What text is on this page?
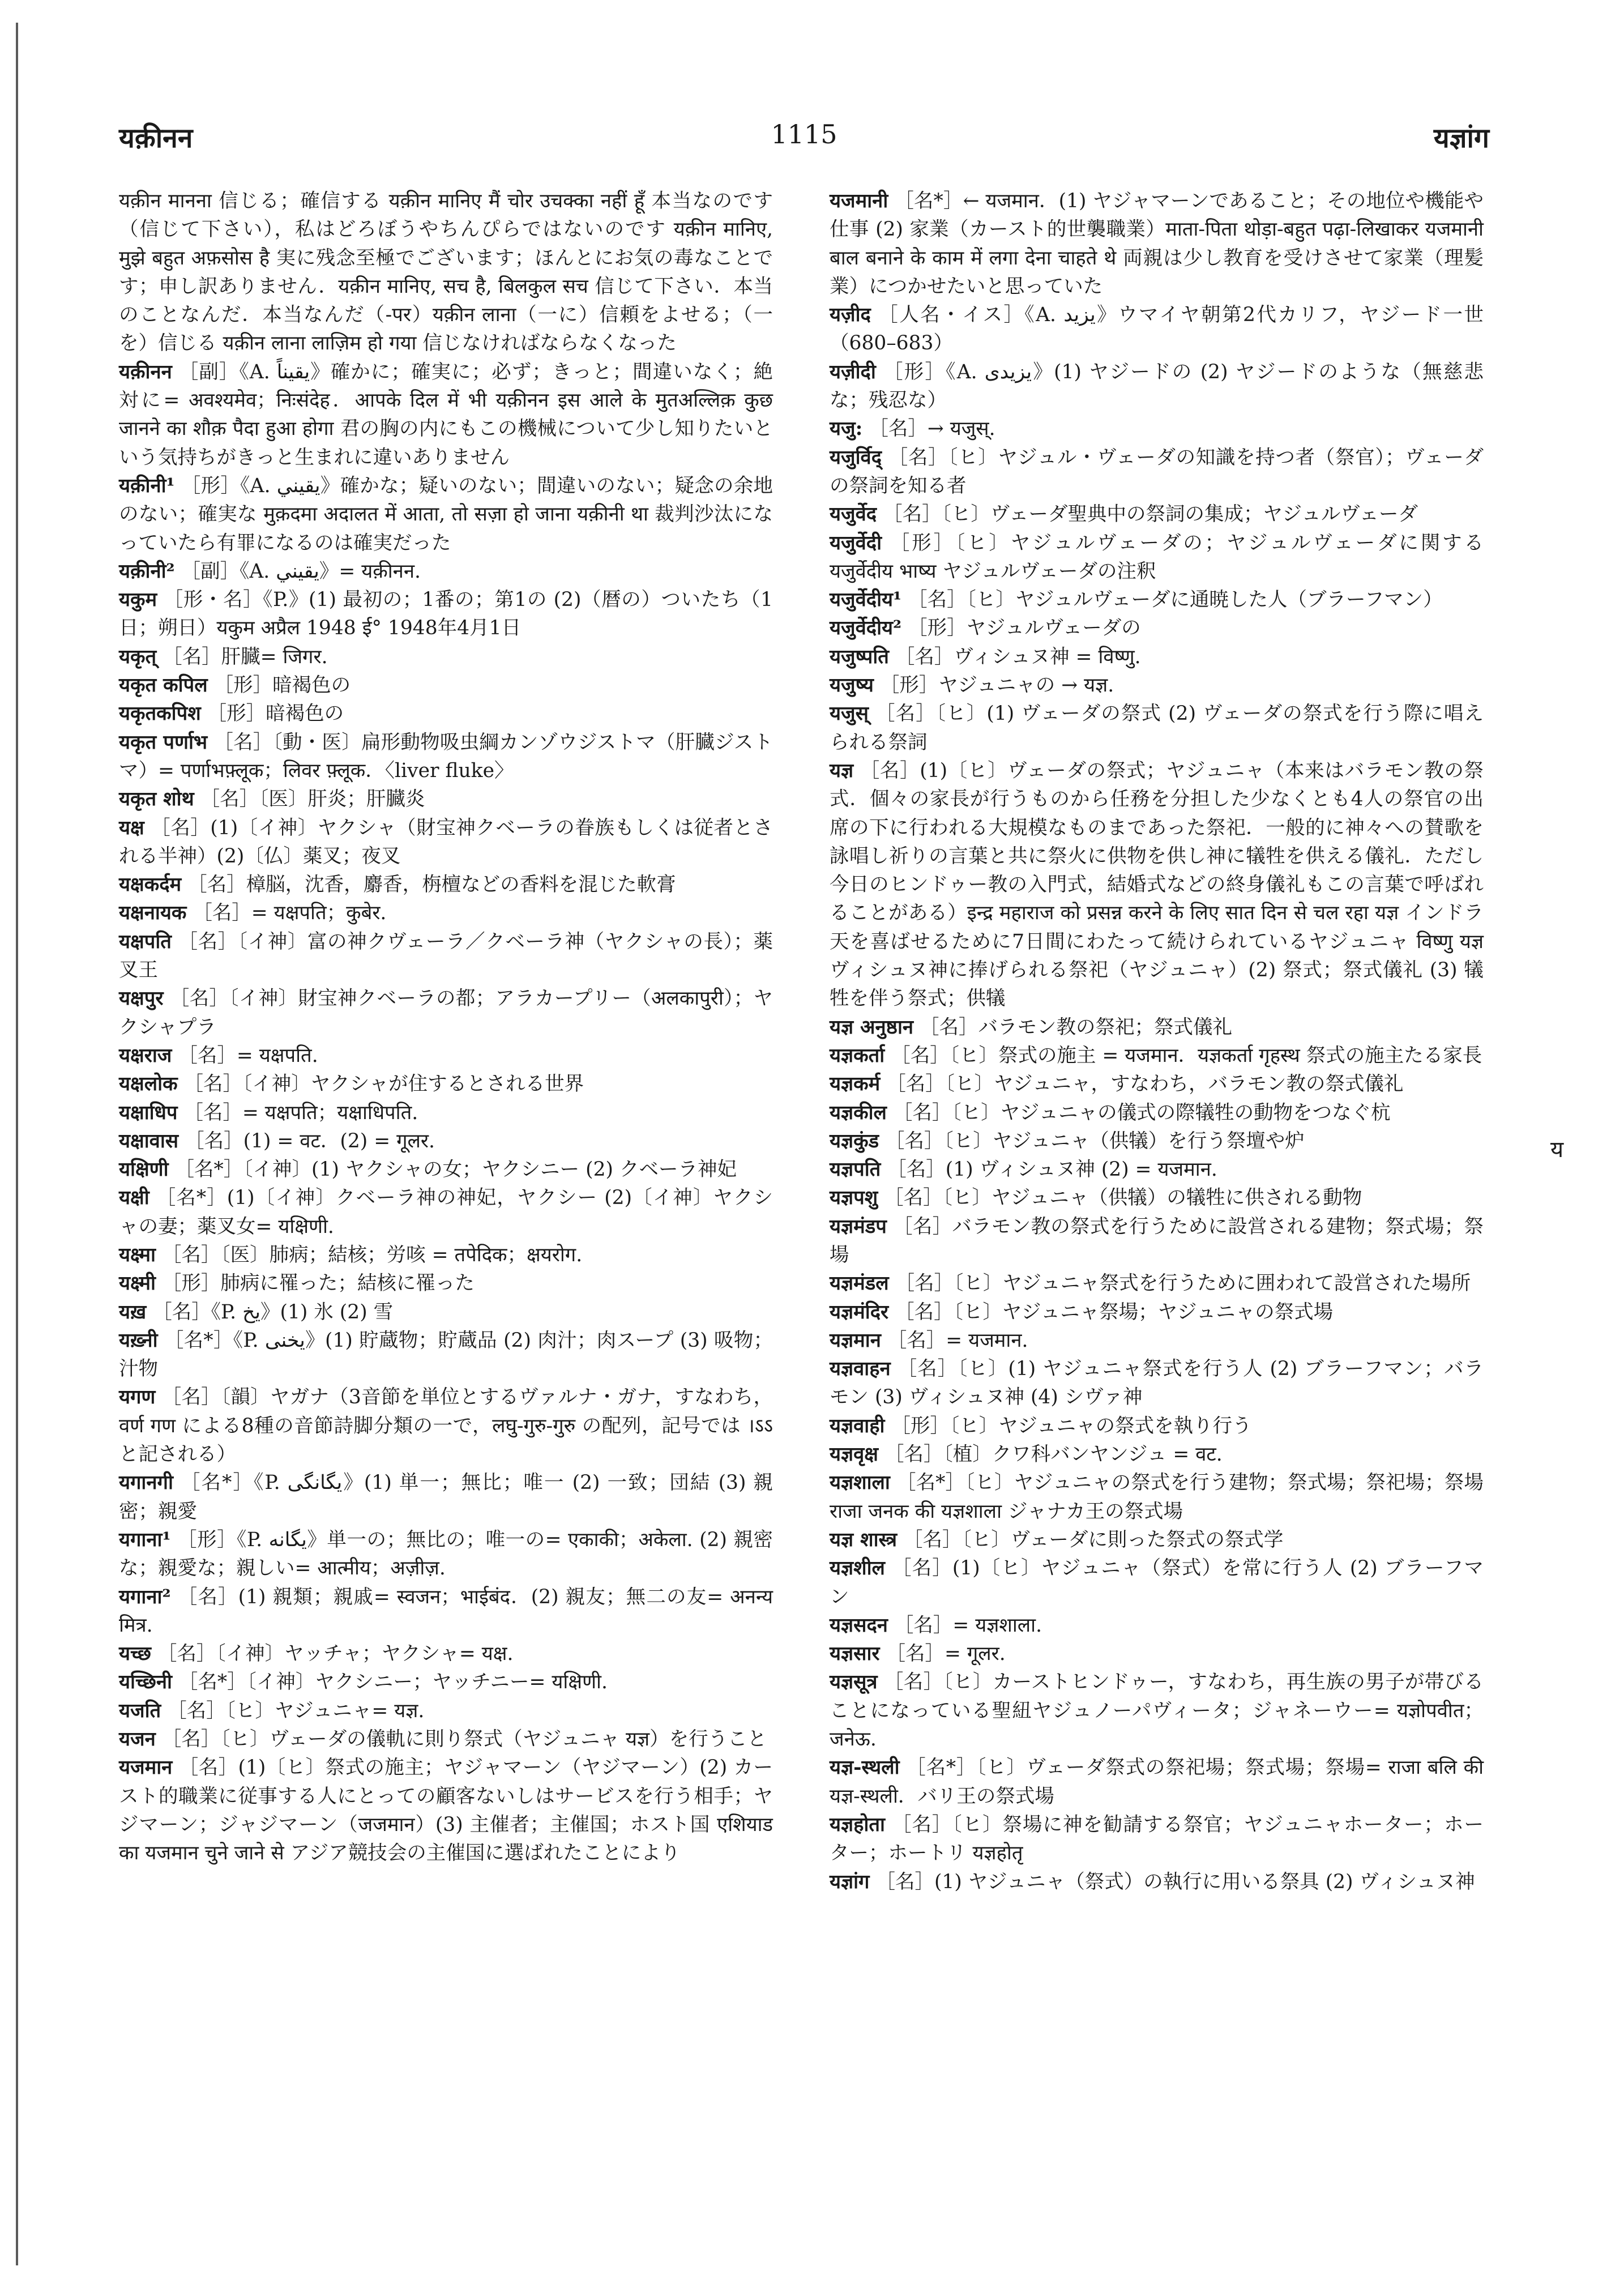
यक़ीनन	1115	यज्ञांग

यक़ीन मानना 信じる；確信する यक़ीन मानिए मैं चोर उचक्का नहीं हूँ 本当なのです（信じて下さい），私はどろぼうやちんぴらではないのです यक़ीन मानिए, मुझे बहुत अफ़सोस है 実に残念至極でございます；ほんとにお気の毒なことです；申し訳ありません．यक़ीन मानिए, सच है, बिलकुल सच 信じて下さい．本当のことなんだ．本当なんだ（-पर）यक़ीन लाना（一に）信頼をよせる；（一を）信じる यक़ीन लाना लाज़िम हो गया 信じなければならなくなった

यक़ीनन ［副］《A. يقيناً》確かに；確実に；必ず；きっと；間違いなく；絶対に= अवश्यमेव；निःसंदेह．आपके दिल में भी यक़ीनन इस आले के मुतअल्लिक़ कुछ जानने का शौक़ पैदा हुआ होगा 君の胸の内にもこの機械について少し知りたいという気持ちがきっと生まれに違いありません

यक़ीनी¹ ［形］《A. يقيني》確かな；疑いのない；間違いのない；疑念の余地のない；確実な मुक़दमा अदालत में आता, तो सज़ा हो जाना यक़ीनी था 裁判沙汰になっていたら有罪になるのは確実だった

यक़ीनी² ［副］《A. يقيني》= यक़ीनन.

यकुम ［形・名］《P.》(1) 最初の；1番の；第1の (2)（暦の）ついたち（1日；朔日）यकुम अप्रैल 1948 ई° 1948年4月1日

यकृत् ［名］肝臓= जिगर.

यकृत कपिल ［形］暗褐色の

यकृतकपिश ［形］暗褐色の

यकृत पर्णाभ ［名］〔動・医〕扁形動物吸虫綱カンゾウジストマ（肝臓ジストマ）= पर्णाभफ़्लूक；लिवर फ़्लूक．〈liver fluke〉

यकृत शोथ ［名］〔医〕肝炎；肝臓炎

यक्ष ［名］(1)〔イ神〕ヤクシャ（財宝神クベーラの眷族もしくは従者とされる半神）(2)〔仏〕薬叉；夜叉

यक्षकर्दम ［名］樟脳，沈香，麝香，栴檀などの香料を混じた軟膏

यक्षनायक ［名］= यक्षपति；कुबेर.

यक्षपति ［名］〔イ神〕富の神クヴェーラ／クベーラ神（ヤクシャの長）；薬叉王

यक्षपुर ［名］〔イ神〕財宝神クベーラの都；アラカープリー（अलकापुरी）；ヤクシャプラ

यक्षराज ［名］= यक्षपति.

यक्षलोक ［名］〔イ神〕ヤクシャが住するとされる世界

यक्षाधिप ［名］= यक्षपति；यक्षाधिपति.

यक्षावास ［名］(1) = वट．(2) = गूलर.

यक्षिणी ［名*］〔イ神〕(1) ヤクシャの女；ヤクシニー (2) クベーラ神妃

यक्षी ［名*］(1)〔イ神〕クベーラ神の神妃，ヤクシー (2)〔イ神〕ヤクシャの妻；薬叉女= यक्षिणी.

यक्ष्मा ［名］〔医〕肺病；結核；労咳 = तपेदिक；क्षयरोग.

यक्ष्मी ［形］肺病に罹った；結核に罹った

यख़ ［名］《P. يخ》(1) 氷 (2) 雪

यख़्नी ［名*］《P. يخنى》(1) 貯蔵物；貯蔵品 (2) 肉汁；肉スープ (3) 吸物；汁物

यगण ［名］〔韻〕ヤガナ（3音節を単位とするヴァルナ・ガナ，すなわち，वर्ण गण による8種の音節詩脚分類の一で，लघु-गुरु-गुरु の配列，記号では ।ऽऽ と記される）

यगानगी ［名*］《P. يگانگى》(1) 単一；無比；唯一 (2) 一致；団結 (3) 親密；親愛

यगाना¹ ［形］《P. يگانه》単一の；無比の；唯一の= एकाकी；अकेला. (2) 親密な；親愛な；親しい= आत्मीय；अज़ीज़.

यगाना² ［名］(1) 親類；親戚= स्वजन；भाईबंद．(2) 親友；無二の友= अनन्य मित्र.

यच्छ ［名］〔イ神〕ヤッチャ；ヤクシャ= यक्ष.

यच्छिनी ［名*］〔イ神〕ヤクシニー；ヤッチニー= यक्षिणी.

यजति ［名］〔ヒ〕ヤジュニャ= यज्ञ.

यजन ［名］〔ヒ〕ヴェーダの儀軌に則り祭式（ヤジュニャ यज्ञ）を行うこと

यजमान ［名］(1)〔ヒ〕祭式の施主；ヤジャマーン（ヤジマーン）(2) カースト的職業に従事する人にとっての顧客ないしはサービスを行う相手；ヤジマーン；ジャジマーン（जजमान）(3) 主催者；主催国；ホスト国 एशियाड का यजमान चुने जाने से アジア競技会の主催国に選ばれたことにより

यजमानी ［名*］← यजमान．(1) ヤジャマーンであること；その地位や機能や仕事 (2) 家業（カースト的世襲職業）माता-पिता थोड़ा-बहुत पढ़ा-लिखाकर यजमानी बाल बनाने के काम में लगा देना चाहते थे 両親は少し教育を受けさせて家業（理髪業）につかせたいと思っていた

यज़ीद ［人名・イス］《A. يزيد》ウマイヤ朝第2代カリフ，ヤジード一世（680–683）

यज़ीदी ［形］《A. يزيدى》(1) ヤジードの (2) ヤジードのような（無慈悲な；残忍な）

यजु: ［名］→ यजुस्.

यजुर्विद् ［名］〔ヒ〕ヤジュル・ヴェーダの知識を持つ者（祭官）；ヴェーダの祭詞を知る者

यजुर्वेद ［名］〔ヒ〕ヴェーダ聖典中の祭詞の集成；ヤジュルヴェーダ

यजुर्वेदी ［形］〔ヒ〕ヤジュルヴェーダの；ヤジュルヴェーダに関する यजुर्वेदीय भाष्य ヤジュルヴェーダの注釈

यजुर्वेदीय¹ ［名］〔ヒ〕ヤジュルヴェーダに通暁した人（ブラーフマン）

यजुर्वेदीय² ［形］ヤジュルヴェーダの

यजुष्पति ［名］ヴィシュヌ神 = विष्णु.

यजुष्य ［形］ヤジュニャの → यज्ञ.

यजुस् ［名］〔ヒ〕(1) ヴェーダの祭式 (2) ヴェーダの祭式を行う際に唱えられる祭詞

यज्ञ ［名］(1)〔ヒ〕ヴェーダの祭式；ヤジュニャ（本来はバラモン教の祭式．個々の家長が行うものから任務を分担した少なくとも4人の祭官の出席の下に行われる大規模なものまであった祭祀．一般的に神々への賛歌を詠唱し祈りの言葉と共に祭火に供物を供し神に犠牲を供える儀礼．ただし今日のヒンドゥー教の入門式，結婚式などの終身儀礼もこの言葉で呼ばれることがある）इन्द्र महाराज को प्रसन्न करने के लिए सात दिन से चल रहा यज्ञ インドラ天を喜ばせるために7日間にわたって続けられているヤジュニャ विष्णु यज्ञ ヴィシュヌ神に捧げられる祭祀（ヤジュニャ）(2) 祭式；祭式儀礼 (3) 犠牲を伴う祭式；供犠

यज्ञ अनुष्ठान ［名］バラモン教の祭祀；祭式儀礼

यज्ञकर्ता ［名］〔ヒ〕祭式の施主 = यजमान．यज्ञकर्ता गृहस्थ 祭式の施主たる家長

यज्ञकर्म ［名］〔ヒ〕ヤジュニャ，すなわち，バラモン教の祭式儀礼

यज्ञकील ［名］〔ヒ〕ヤジュニャの儀式の際犠牲の動物をつなぐ杭

यज्ञकुंड ［名］〔ヒ〕ヤジュニャ（供犠）を行う祭壇や炉

यज्ञपति ［名］(1) ヴィシュヌ神 (2) = यजमान.

यज्ञपशु ［名］〔ヒ〕ヤジュニャ（供犠）の犠牲に供される動物

यज्ञमंडप ［名］バラモン教の祭式を行うために設営される建物；祭式場；祭場

यज्ञमंडल ［名］〔ヒ〕ヤジュニャ祭式を行うために囲われて設営された場所

यज्ञमंदिर ［名］〔ヒ〕ヤジュニャ祭場；ヤジュニャの祭式場

यज्ञमान ［名］= यजमान.

यज्ञवाहन ［名］〔ヒ〕(1) ヤジュニャ祭式を行う人 (2) ブラーフマン；バラモン (3) ヴィシュヌ神 (4) シヴァ神

यज्ञवाही ［形］〔ヒ〕ヤジュニャの祭式を執り行う

यज्ञवृक्ष ［名］〔植〕クワ科バンヤンジュ = वट.

यज्ञशाला ［名*］〔ヒ〕ヤジュニャの祭式を行う建物；祭式場；祭祀場；祭場 राजा जनक की यज्ञशाला ジャナカ王の祭式場

यज्ञ शास्त्र ［名］〔ヒ〕ヴェーダに則った祭式の祭式学

यज्ञशील ［名］(1)〔ヒ〕ヤジュニャ（祭式）を常に行う人 (2) ブラーフマン

यज्ञसदन ［名］= यज्ञशाला.

यज्ञसार ［名］= गूलर.

यज्ञसूत्र ［名］〔ヒ〕カーストヒンドゥー，すなわち，再生族の男子が帯びることになっている聖紐ヤジュノーパヴィータ；ジャネーウー= यज्ञोपवीत；जनेऊ.

यज्ञ-स्थली ［名*］〔ヒ〕ヴェーダ祭式の祭祀場；祭式場；祭場= राजा बलि की यज्ञ-स्थली．バリ王の祭式場

यज्ञहोता ［名］〔ヒ〕祭場に神を勧請する祭官；ヤジュニャホーター；ホーター；ホートリ यज्ञहोतृ

यज्ञांग ［名］(1) ヤジュニャ（祭式）の執行に用いる祭具 (2) ヴィシュヌ神

य
